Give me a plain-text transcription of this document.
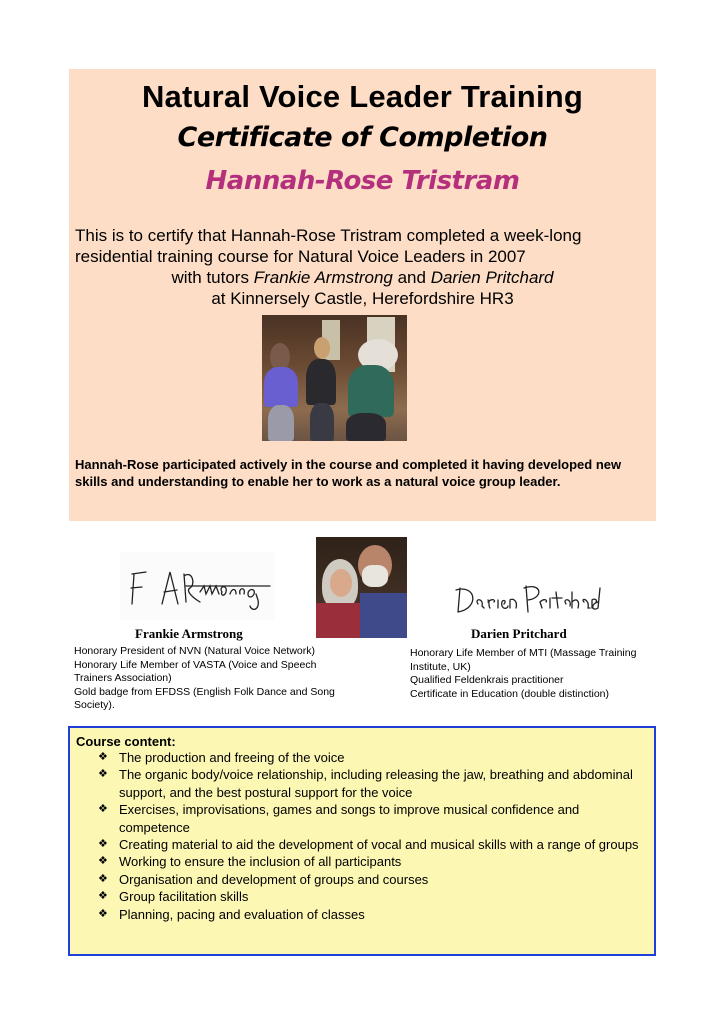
Natural Voice Leader Training
Certificate of Completion
Hannah-Rose Tristram
This is to certify that Hannah-Rose Tristram completed a week-long residential training course for Natural Voice Leaders in 2007
with tutors Frankie Armstrong and Darien Pritchard
at Kinnersely Castle, Herefordshire HR3
Hannah-Rose participated actively in the course and completed it having developed new skills and understanding to enable her to work as a natural voice group leader.
Frankie Armstrong	Darien Pritchard
Honorary President of NVN (Natural Voice Network)
Honorary Life Member of VASTA (Voice and Speech Trainers Association)
Gold badge from EFDSS (English Folk Dance and Song Society).
Honorary Life Member of MTI (Massage Training Institute, UK)
Qualified Feldenkrais practitioner
Certificate in Education (double distinction)
Course content:
❖ The production and freeing of the voice
❖ The organic body/voice relationship, including releasing the jaw, breathing and abdominal support, and the best postural support for the voice
❖ Exercises, improvisations, games and songs to improve musical confidence and competence
❖ Creating material to aid the development of vocal and musical skills with a range of groups
❖ Working to ensure the inclusion of all participants
❖ Organisation and development of groups and courses
❖ Group facilitation skills
❖ Planning, pacing and evaluation of classes
